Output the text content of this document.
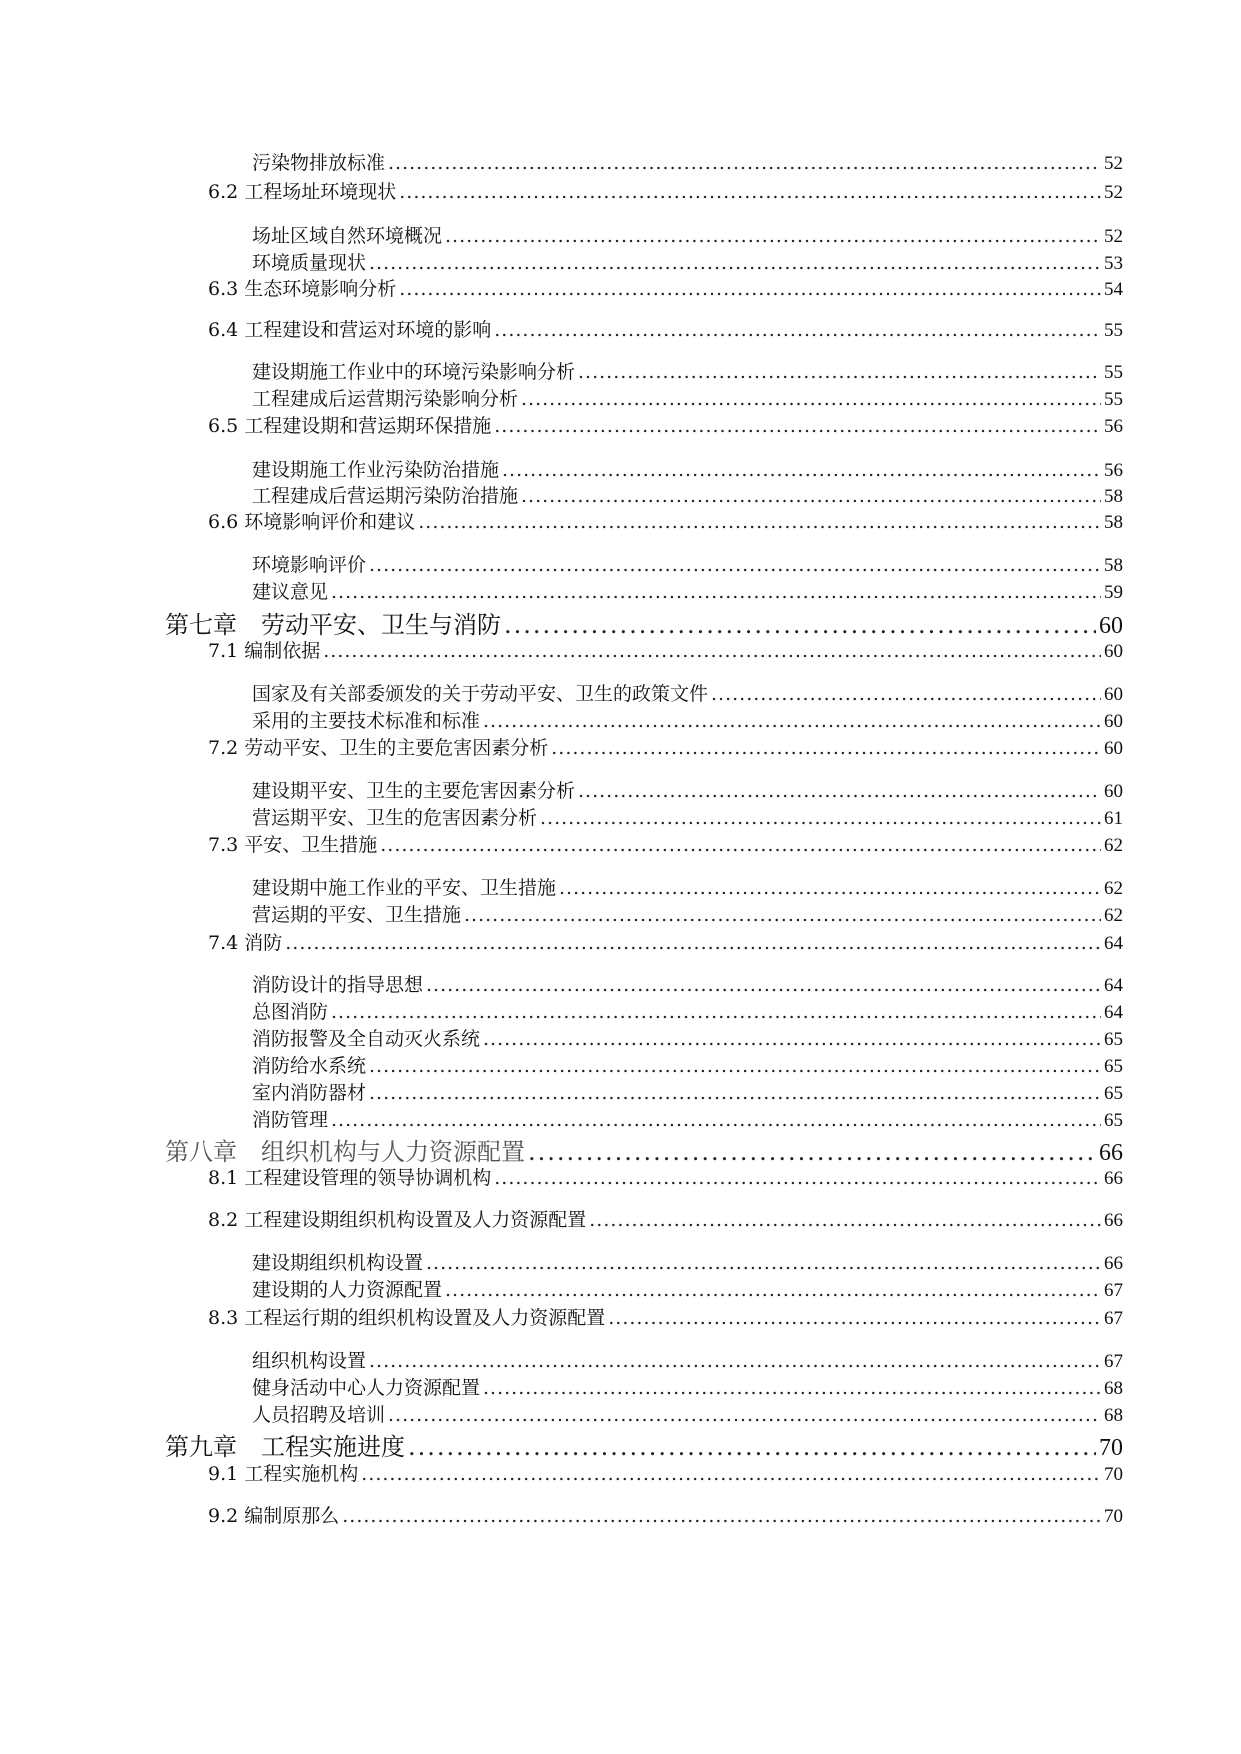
污染物排放标准 .....	52
6.2 工程场址环境现状 .....	52
场址区域自然环境概况 .....	52
环境质量现状 .....	53
6.3 生态环境影响分析 .....	54
6.4 工程建设和营运对环境的影响 .....	55
建设期施工作业中的环境污染影响分析 .....	55
工程建成后运营期污染影响分析 .....	55
6.5 工程建设期和营运期环保措施 .....	56
建设期施工作业污染防治措施 .....	56
工程建成后营运期污染防治措施 .....	58
6.6 环境影响评价和建议 .....	58
环境影响评价 .....	58
建议意见 .....	59
第七章　劳动平安、卫生与消防 .....	60
7.1 编制依据 .....	60
国家及有关部委颁发的关于劳动平安、卫生的政策文件 .....	60
采用的主要技术标准和标准 .....	60
7.2 劳动平安、卫生的主要危害因素分析 .....	60
建设期平安、卫生的主要危害因素分析 .....	60
营运期平安、卫生的危害因素分析 .....	61
7.3 平安、卫生措施 .....	62
建设期中施工作业的平安、卫生措施 .....	62
营运期的平安、卫生措施 .....	62
7.4 消防 .....	64
消防设计的指导思想 .....	64
总图消防 .....	64
消防报警及全自动灭火系统 .....	65
消防给水系统 .....	65
室内消防器材 .....	65
消防管理 .....	65
第八章　组织机构与人力资源配置 .....	66
8.1 工程建设管理的领导协调机构 .....	66
8.2 工程建设期组织机构设置及人力资源配置 .....	66
建设期组织机构设置 .....	66
建设期的人力资源配置 .....	67
8.3 工程运行期的组织机构设置及人力资源配置 .....	67
组织机构设置 .....	67
健身活动中心人力资源配置 .....	68
人员招聘及培训 .....	68
第九章　工程实施进度 .....	70
9.1 工程实施机构 .....	70
9.2 编制原那么 .....	70
